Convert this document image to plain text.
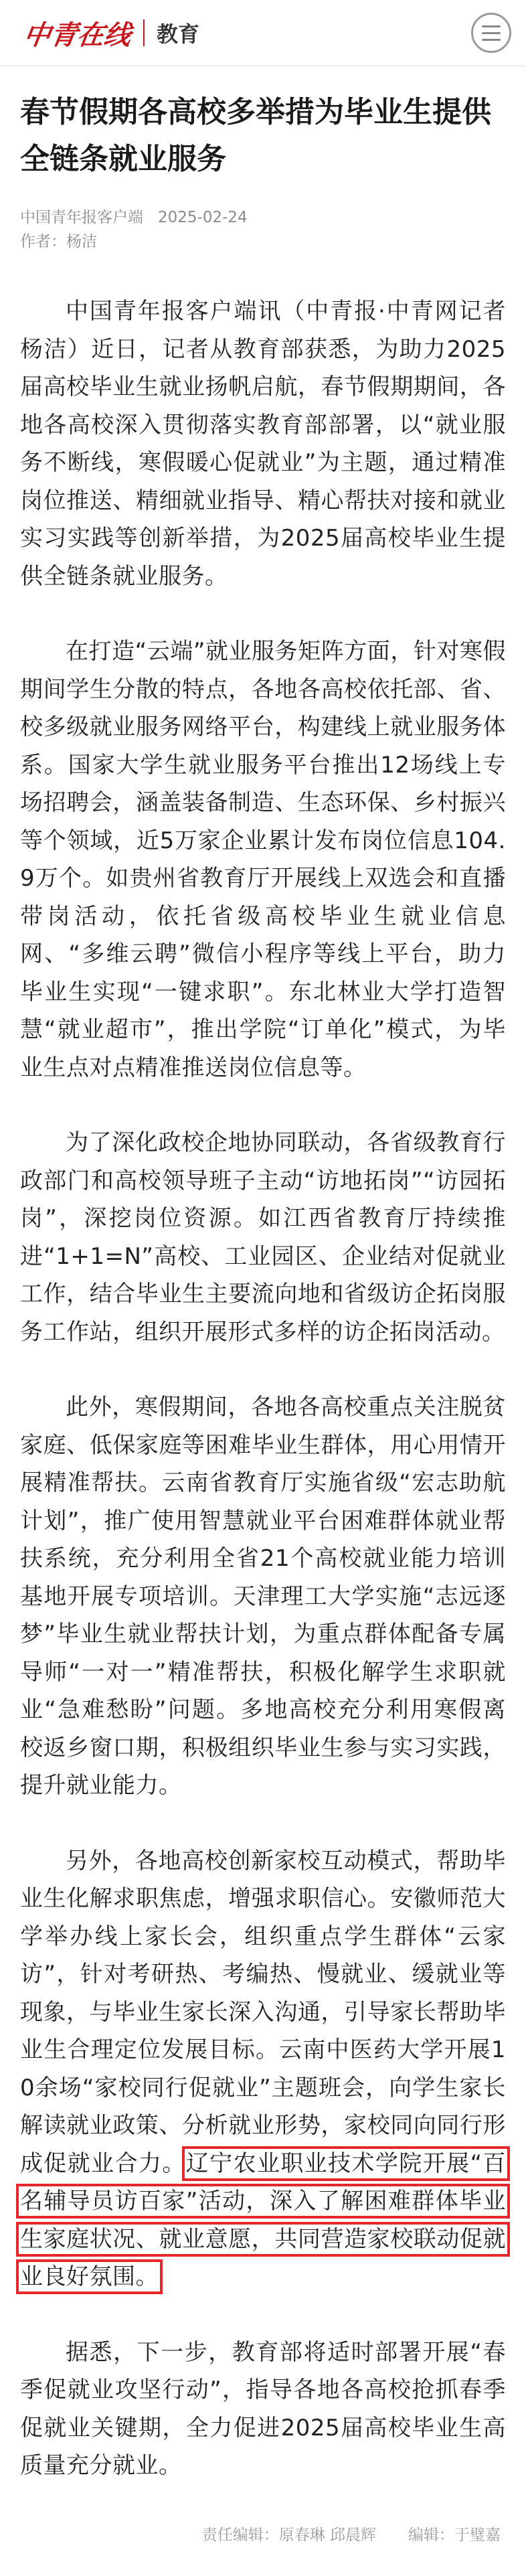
中青在线 教育
春节假期各高校多举措为毕业生提供全链条就业服务
中国青年报客户端 2025-02-24
作者：杨洁

中国青年报客户端讯（中青报·中青网记者 杨洁）近日，记者从教育部获悉，为助力2025届高校毕业生就业扬帆启航，春节假期期间，各地各高校深入贯彻落实教育部部署，以“就业服务不断线，寒假暖心促就业”为主题，通过精准岗位推送、精细就业指导、精心帮扶对接和就业实习实践等创新举措，为2025届高校毕业生提供全链条就业服务。

在打造“云端”就业服务矩阵方面，针对寒假期间学生分散的特点，各地各高校依托部、省、校多级就业服务网络平台，构建线上就业服务体系。国家大学生就业服务平台推出12场线上专场招聘会，涵盖装备制造、生态环保、乡村振兴等个领域，近5万家企业累计发布岗位信息104.9万个。如贵州省教育厅开展线上双选会和直播带岗活动，依托省级高校毕业生就业信息网、“多维云聘”微信小程序等线上平台，助力毕业生实现“一键求职”。东北林业大学打造智慧“就业超市”，推出学院“订单化”模式，为毕业生点对点精准推送岗位信息等。

为了深化政校企地协同联动，各省级教育行政部门和高校领导班子主动“访地拓岗”“访园拓岗”，深挖岗位资源。如江西省教育厅持续推进“1+1=N”高校、工业园区、企业结对促就业工作，结合毕业生主要流向地和省级访企拓岗服务工作站，组织开展形式多样的访企拓岗活动。

此外，寒假期间，各地各高校重点关注脱贫家庭、低保家庭等困难毕业生群体，用心用情开展精准帮扶。云南省教育厅实施省级“宏志助航计划”，推广使用智慧就业平台困难群体就业帮扶系统，充分利用全省21个高校就业能力培训基地开展专项培训。天津理工大学实施“志远逐梦”毕业生就业帮扶计划，为重点群体配备专属导师“一对一”精准帮扶，积极化解学生求职就业“急难愁盼”问题。多地高校充分利用寒假离校返乡窗口期，积极组织毕业生参与实习实践，提升就业能力。

另外，各地高校创新家校互动模式，帮助毕业生化解求职焦虑，增强求职信心。安徽师范大学举办线上家长会，组织重点学生群体“云家访”，针对考研热、考编热、慢就业、缓就业等现象，与毕业生家长深入沟通，引导家长帮助毕业生合理定位发展目标。云南中医药大学开展10余场“家校同行促就业”主题班会，向学生家长解读就业政策、分析就业形势，家校同向同行形成促就业合力。辽宁农业职业技术学院开展“百名辅导员访百家”活动，深入了解困难群体毕业生家庭状况、就业意愿，共同营造家校联动促就业良好氛围。

据悉，下一步，教育部将适时部署开展“春季促就业攻坚行动”，指导各地各高校抢抓春季促就业关键期，全力促进2025届高校毕业生高质量充分就业。

责任编辑：原春琳 邱晨辉 编辑：于璧嘉
